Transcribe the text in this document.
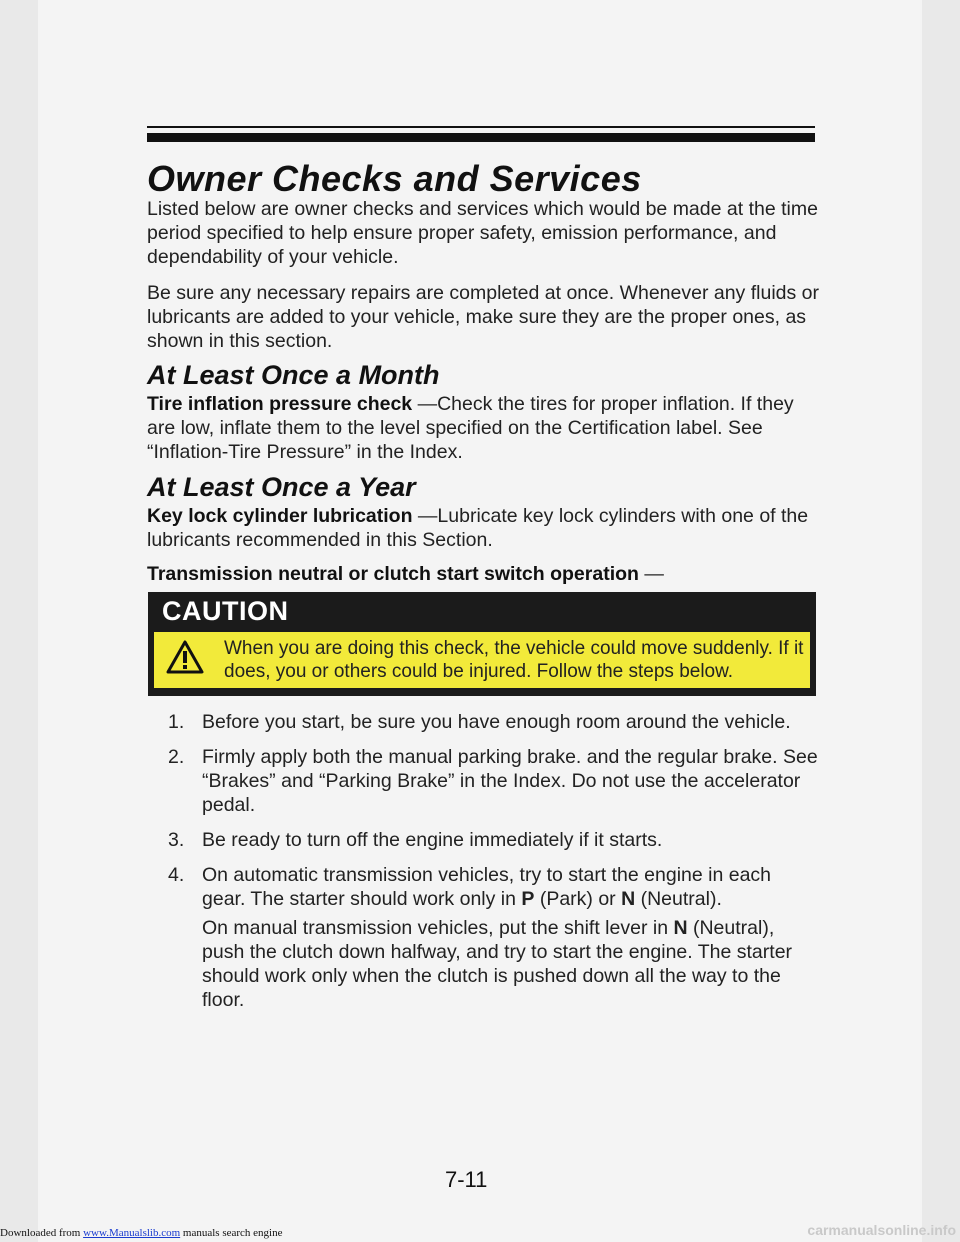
Owner Checks and Services

Listed below are owner checks and services which would be made at the time period specified to help ensure proper safety, emission performance, and dependability of your vehicle.

Be sure any necessary repairs are completed at once. Whenever any fluids or lubricants are added to your vehicle, make sure they are the proper ones, as shown in this section.

At Least Once a Month

Tire inflation pressure check —Check the tires for proper inflation. If they are low, inflate them to the level specified on the Certification label. See “Inflation-Tire Pressure” in the Index.

At Least Once a Year

Key lock cylinder lubrication —Lubricate key lock cylinders with one of the lubricants recommended in this Section.

Transmission neutral or clutch start switch operation —

CAUTION

When you are doing this check, the vehicle could move suddenly. If it does, you or others could be injured. Follow the steps below.

1. Before you start, be sure you have enough room around the vehicle.
2. Firmly apply both the manual parking brake. and the regular brake. See “Brakes” and “Parking Brake” in the Index. Do not use the accelerator pedal.
3. Be ready to turn off the engine immediately if it starts.
4. On automatic transmission vehicles, try to start the engine in each gear. The starter should work only in P (Park) or N (Neutral).

On manual transmission vehicles, put the shift lever in N (Neutral), push the clutch down halfway, and try to start the engine. The starter should work only when the clutch is pushed down all the way to the floor.

7-11

Downloaded from www.Manualslib.com manuals search engine	carmanualsonline.info
